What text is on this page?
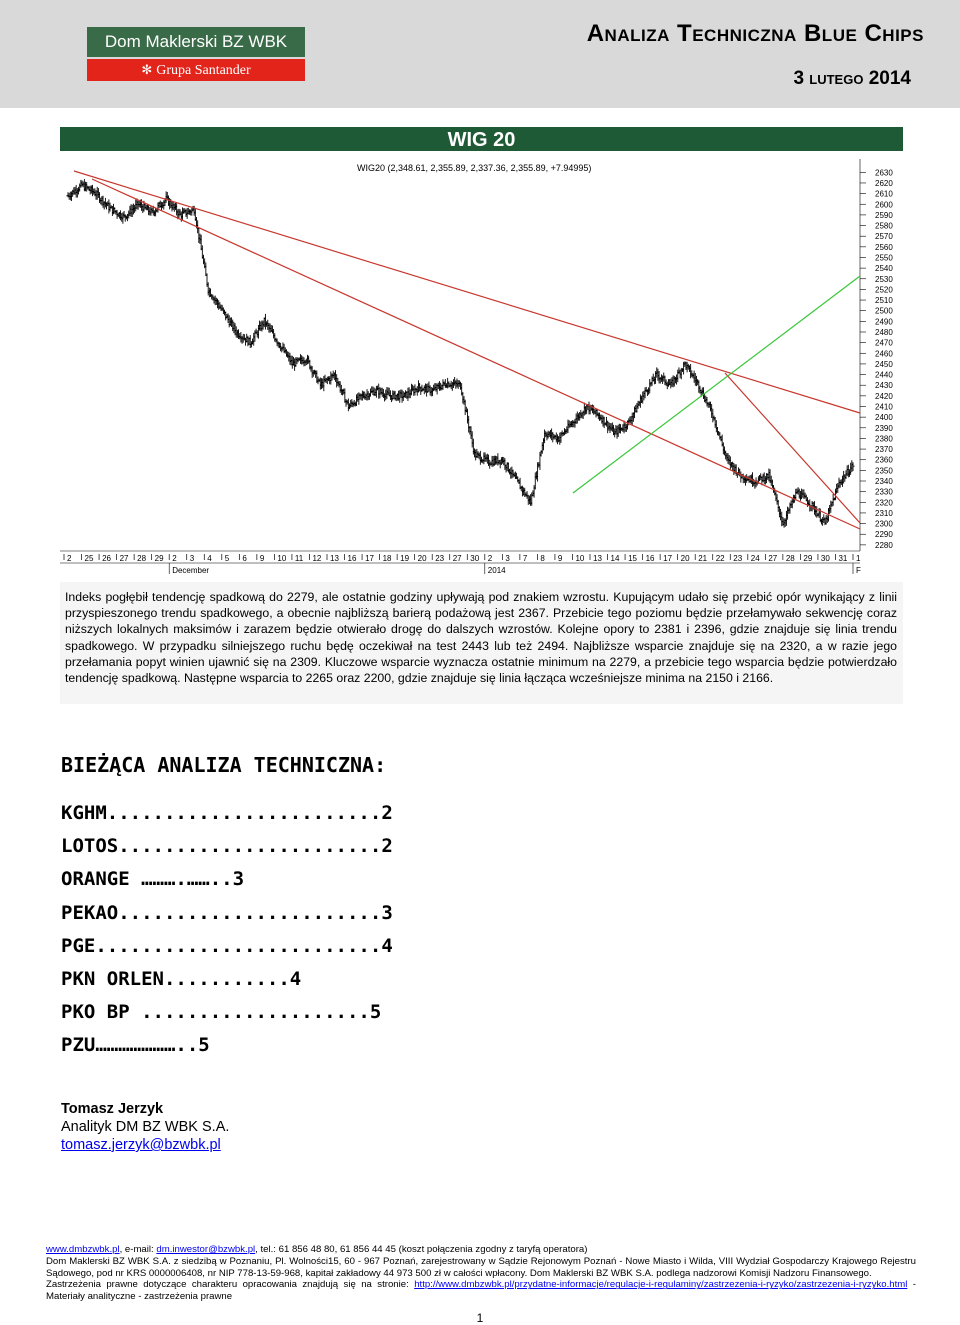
Dom Maklerski BZ WBK
✻ Grupa Santander
Analiza Techniczna Blue Chips
3 lutego 2014
WIG 20
WIG20 (2,348.61, 2,355.89, 2,337.36, 2,355.89, +7.94995)
2280
2290
2300
2310
2320
2330
2340
2350
2360
2370
2380
2390
2400
2410
2420
2430
2440
2450
2460
2470
2480
2490
2500
2510
2520
2530
2540
2550
2560
2570
2580
2590
2600
2610
2620
2630
2 25 26 27 28 29 2 3 4 5 6 9 10 11 12 13 16 17 18 19 20 23 27 30 2 3 7 8 9 10 13 14 15 16 17 20 21 22 23 24 27 28 29 30 31 1
December	2014	F
Indeks pogłębił tendencję spadkową do 2279, ale ostatnie godziny upływają pod znakiem wzrostu. Kupującym udało się przebić opór wynikający z linii przyspieszonego trendu spadkowego, a obecnie najbliższą barierą podażową jest 2367. Przebicie tego poziomu będzie przełamywało sekwencję coraz niższych lokalnych maksimów i zarazem będzie otwierało drogę do dalszych wzrostów. Kolejne opory to 2381 i 2396, gdzie znajduje się linia trendu spadkowego. W przypadku silniejszego ruchu będę oczekiwał na test 2443 lub też 2494. Najbliższe wsparcie znajduje się na 2320, a w razie jego przełamania popyt winien ujawnić się na 2309. Kluczowe wsparcie wyznacza ostatnie minimum na 2279, a przebicie tego wsparcia będzie potwierdzało tendencję spadkową. Następne wsparcia to 2265 oraz 2200, gdzie znajduje się linia łącząca wcześniejsze minima na 2150 i 2166.
BIEŻĄCA ANALIZA TECHNICZNA:
KGHM........................2
LOTOS.......................2
ORANGE ……….……..3
PEKAO.......................3
PGE.........................4
PKN ORLEN...........4
PKO BP ....................5
PZU…………………..5
Tomasz Jerzyk
Analityk DM BZ WBK S.A.
tomasz.jerzyk@bzwbk.pl
www.dmbzwbk.pl, e-mail: dm.inwestor@bzwbk.pl, tel.: 61 856 48 80, 61 856 44 45 (koszt połączenia zgodny z taryfą operatora)
Dom Maklerski BZ WBK S.A. z siedzibą w Poznaniu, Pl. Wolności15, 60 - 967 Poznań, zarejestrowany w Sądzie Rejonowym Poznań - Nowe Miasto i Wilda, VIII Wydział Gospodarczy Krajowego Rejestru Sądowego, pod nr KRS 0000006408, nr NIP 778-13-59-968, kapitał zakładowy 44 973 500 zł w całości wpłacony. Dom Maklerski BZ WBK S.A. podlega nadzorowi Komisji Nadzoru Finansowego.
Zastrzeżenia prawne dotyczące charakteru opracowania znajdują się na stronie: http://www.dmbzwbk.pl/przydatne-informacje/regulacje-i-regulaminy/zastrzezenia-i-ryzyko/zastrzezenia-i-ryzyko.html - Materiały analityczne - zastrzeżenia prawne
1
